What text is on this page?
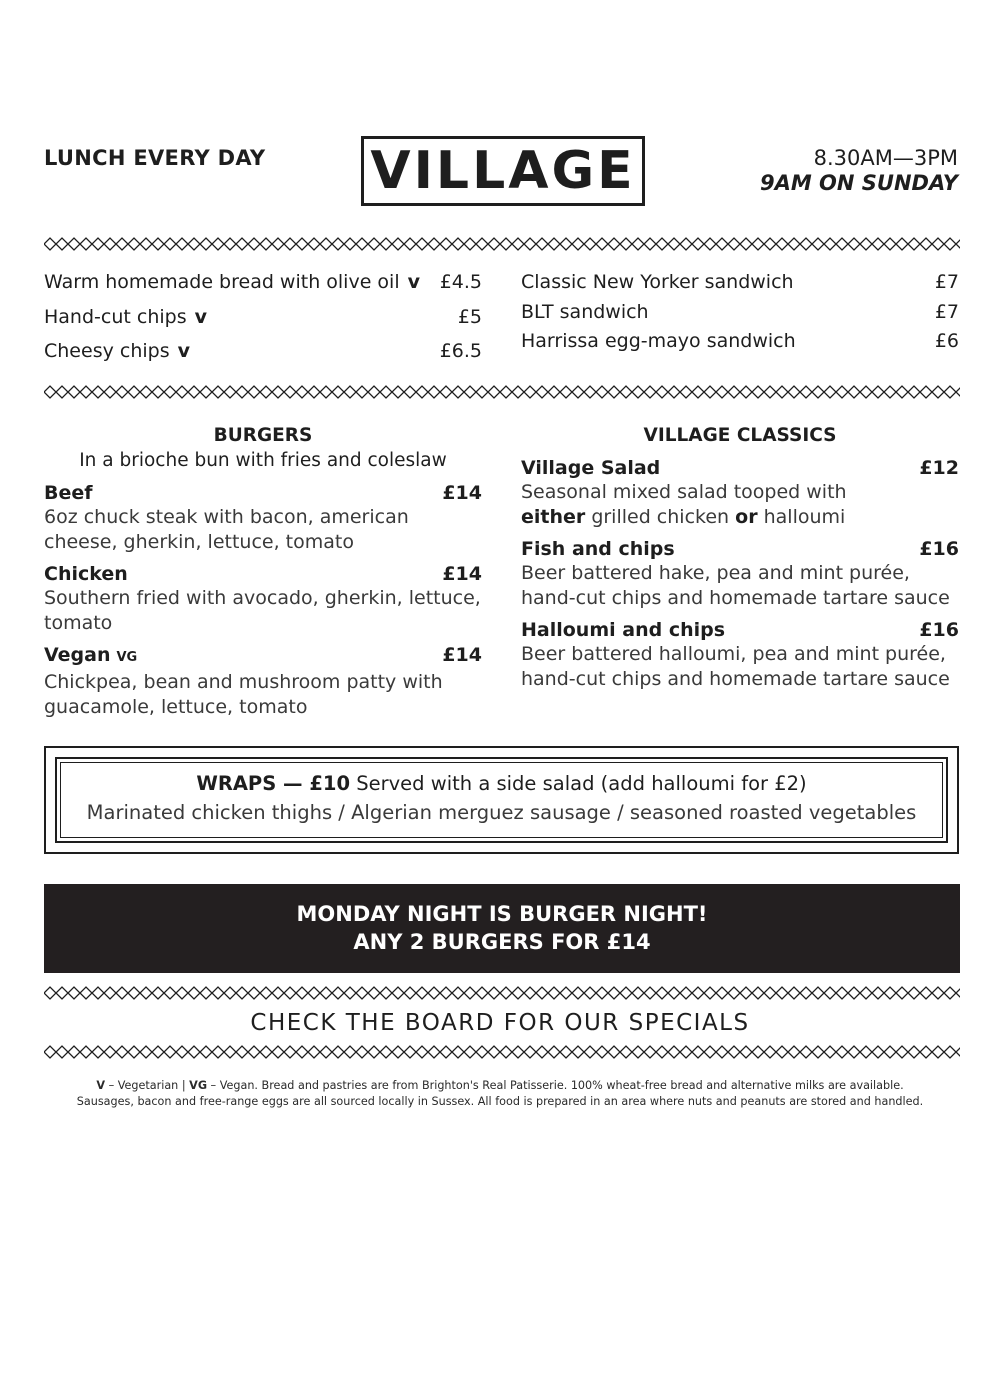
LUNCH EVERY DAY VILLAGE	8.30AM—3PM
9AM ON SUNDAY
Warm homemade bread with olive oil v £4.5
Hand-cut chips v	£5
Cheesy chips v	£6.5
Classic New Yorker sandwich	£7
BLT sandwich	£7
Harrissa egg-mayo sandwich	£6
BURGERS
In a brioche bun with fries and coleslaw
Beef	£14
6oz chuck steak with bacon, american cheese, gherkin, lettuce, tomato
Chicken	£14
Southern fried with avocado, gherkin, lettuce, tomato
Vegan VG	£14
Chickpea, bean and mushroom patty with guacamole, lettuce, tomato
VILLAGE CLASSICS
Village Salad	£12
Seasonal mixed salad tooped with
either grilled chicken or halloumi
Fish and chips	£16
Beer battered hake, pea and mint purée, hand-cut chips and homemade tartare sauce
Halloumi and chips	£16
Beer battered halloumi, pea and mint purée, hand-cut chips and homemade tartare sauce
WRAPS — £10 Served with a side salad (add halloumi for £2)
Marinated chicken thighs / Algerian merguez sausage / seasoned roasted vegetables
MONDAY NIGHT IS BURGER NIGHT!
ANY 2 BURGERS FOR £14
CHECK THE BOARD FOR OUR SPECIALS
V – Vegetarian | VG – Vegan. Bread and pastries are from Brighton's Real Patisserie. 100% wheat-free bread and alternative milks are available.
Sausages, bacon and free-range eggs are all sourced locally in Sussex. All food is prepared in an area where nuts and peanuts are stored and handled.
